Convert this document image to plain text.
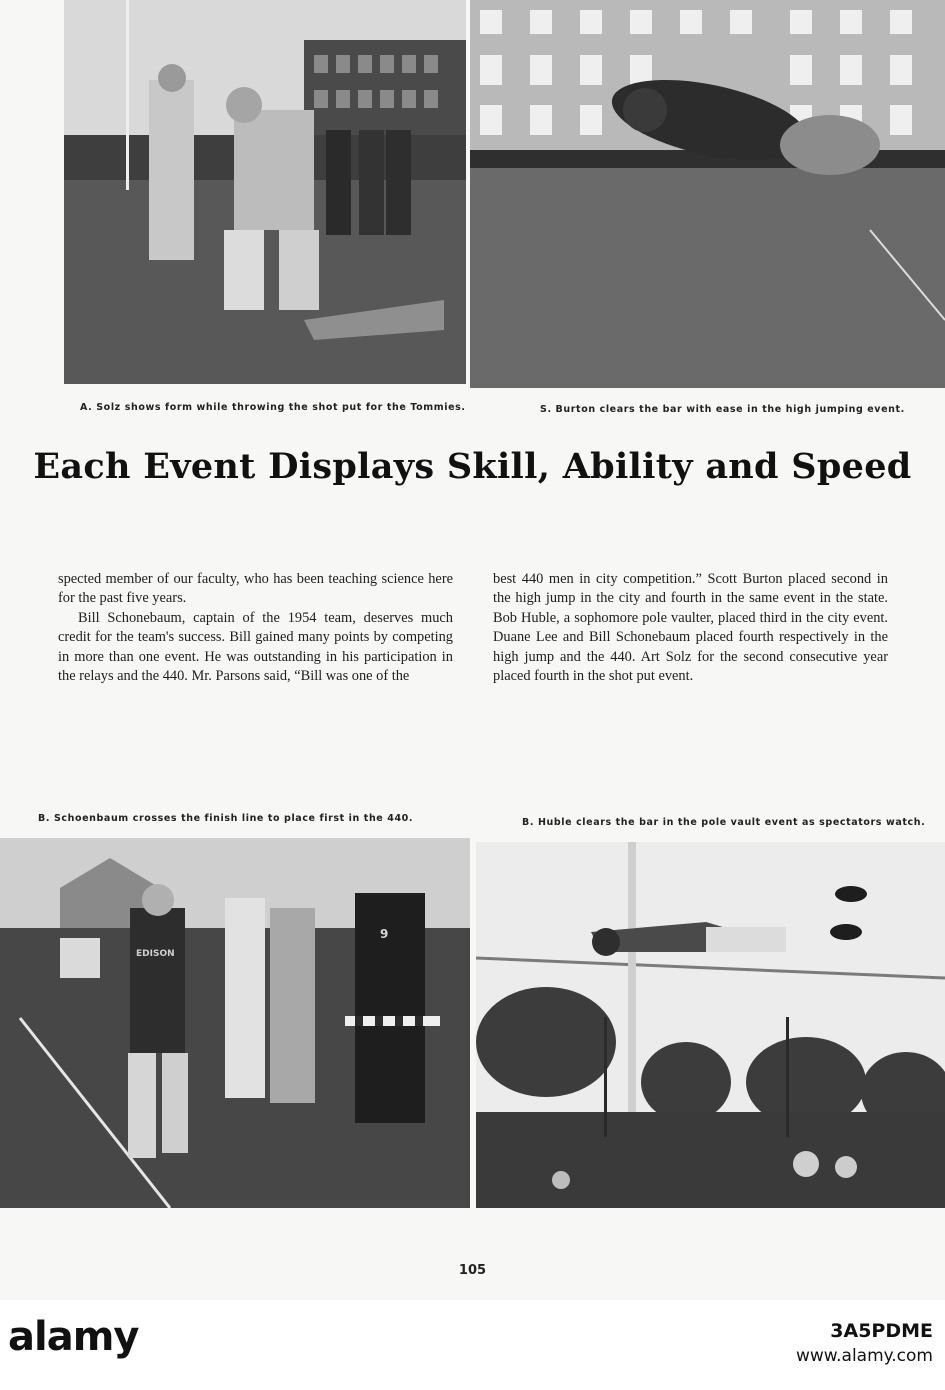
A. Solz shows form while throwing the shot put for the Tommies.	S. Burton clears the bar with ease in the high jumping event.
Each Event Displays Skill, Ability and Speed

spected member of our faculty, who has been teaching science here for the past five years.

Bill Schonebaum, captain of the 1954 team, deserves much credit for the team's success. Bill gained many points by competing in more than one event. He was outstanding in his participation in the relays and the 440. Mr. Parsons said, “Bill was one of the

best 440 men in city competition.” Scott Burton placed second in the high jump in the city and fourth in the same event in the state. Bob Huble, a sophomore pole vaulter, placed third in the city event. Duane Lee and Bill Schonebaum placed fourth respectively in the high jump and the 440. Art Solz for the second consecutive year placed fourth in the shot put event.

B. Schoenbaum crosses the finish line to place first in the 440.	B. Huble clears the bar in the pole vault event as spectators watch.
EDISON
9
105
alamy	3A5PDME
www.alamy.com
